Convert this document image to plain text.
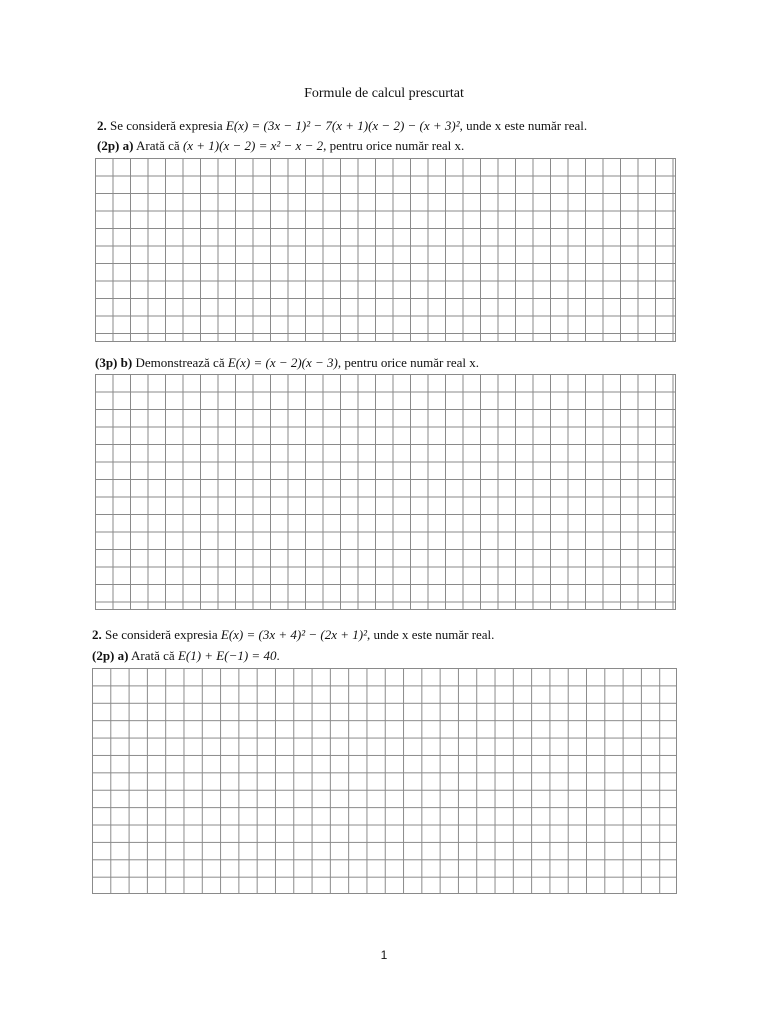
Formule de calcul prescurtat
2. Se consideră expresia E(x) = (3x − 1)² − 7(x + 1)(x − 2) − (x + 3)², unde x este număr real.
(2p) a) Arată că (x + 1)(x − 2) = x² − x − 2, pentru orice număr real x.
(3p) b) Demonstrează că E(x) = (x − 2)(x − 3), pentru orice număr real x.
2. Se consideră expresia E(x) = (3x + 4)² − (2x + 1)², unde x este număr real.
(2p) a) Arată că E(1) + E(−1) = 40.
1
